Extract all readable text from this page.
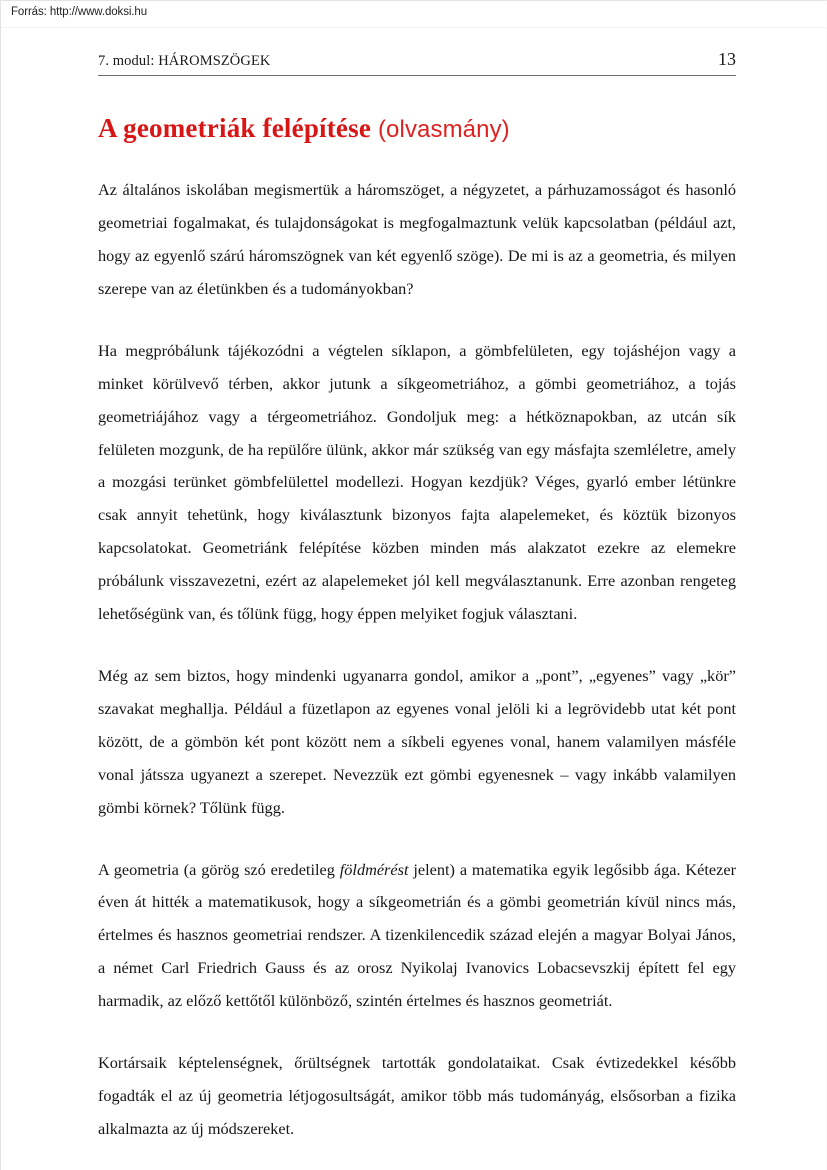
Forrás: http://www.doksi.hu
7. modul: HÁROMSZÖGEK	13
A geometriák felépítése (olvasmány)

Az általános iskolában megismertük a háromszöget, a négyzetet, a párhuzamosságot és hasonló geometriai fogalmakat, és tulajdonságokat is megfogalmaztunk velük kapcsolatban (például azt, hogy az egyenlő szárú háromszögnek van két egyenlő szöge). De mi is az a geometria, és milyen szerepe van az életünkben és a tudományokban?

Ha megpróbálunk tájékozódni a végtelen síklapon, a gömbfelületen, egy tojáshéjon vagy a minket körülvevő térben, akkor jutunk a síkgeometriához, a gömbi geometriához, a tojás geometriájához vagy a térgeometriához. Gondoljuk meg: a hétköznapokban, az utcán sík felületen mozgunk, de ha repülőre ülünk, akkor már szükség van egy másfajta szemléletre, amely a mozgási terünket gömbfelülettel modellezi. Hogyan kezdjük? Véges, gyarló ember létünkre csak annyit tehetünk, hogy kiválasztunk bizonyos fajta alapelemeket, és köztük bizonyos kapcsolatokat. Geometriánk felépítése közben minden más alakzatot ezekre az elemekre próbálunk visszavezetni, ezért az alapelemeket jól kell megválasztanunk. Erre azonban rengeteg lehetőségünk van, és tőlünk függ, hogy éppen melyiket fogjuk választani.

Még az sem biztos, hogy mindenki ugyanarra gondol, amikor a „pont”, „egyenes” vagy „kör” szavakat meghallja. Például a füzetlapon az egyenes vonal jelöli ki a legrövidebb utat két pont között, de a gömbön két pont között nem a síkbeli egyenes vonal, hanem valamilyen másféle vonal játssza ugyanezt a szerepet. Nevezzük ezt gömbi egyenesnek – vagy inkább valamilyen gömbi körnek? Tőlünk függ.

A geometria (a görög szó eredetileg földmérést jelent) a matematika egyik legősibb ága. Kétezer éven át hitték a matematikusok, hogy a síkgeometrián és a gömbi geometrián kívül nincs más, értelmes és hasznos geometriai rendszer. A tizenkilencedik század elején a magyar Bolyai János, a német Carl Friedrich Gauss és az orosz Nyikolaj Ivanovics Lobacsevszkij épített fel egy harmadik, az előző kettőtől különböző, szintén értelmes és hasznos geometriát.

Kortársaik képtelenségnek, őrültségnek tartották gondolataikat. Csak évtizedekkel később fogadták el az új geometria létjogosultságát, amikor több más tudományág, elsősorban a fizika alkalmazta az új módszereket.
